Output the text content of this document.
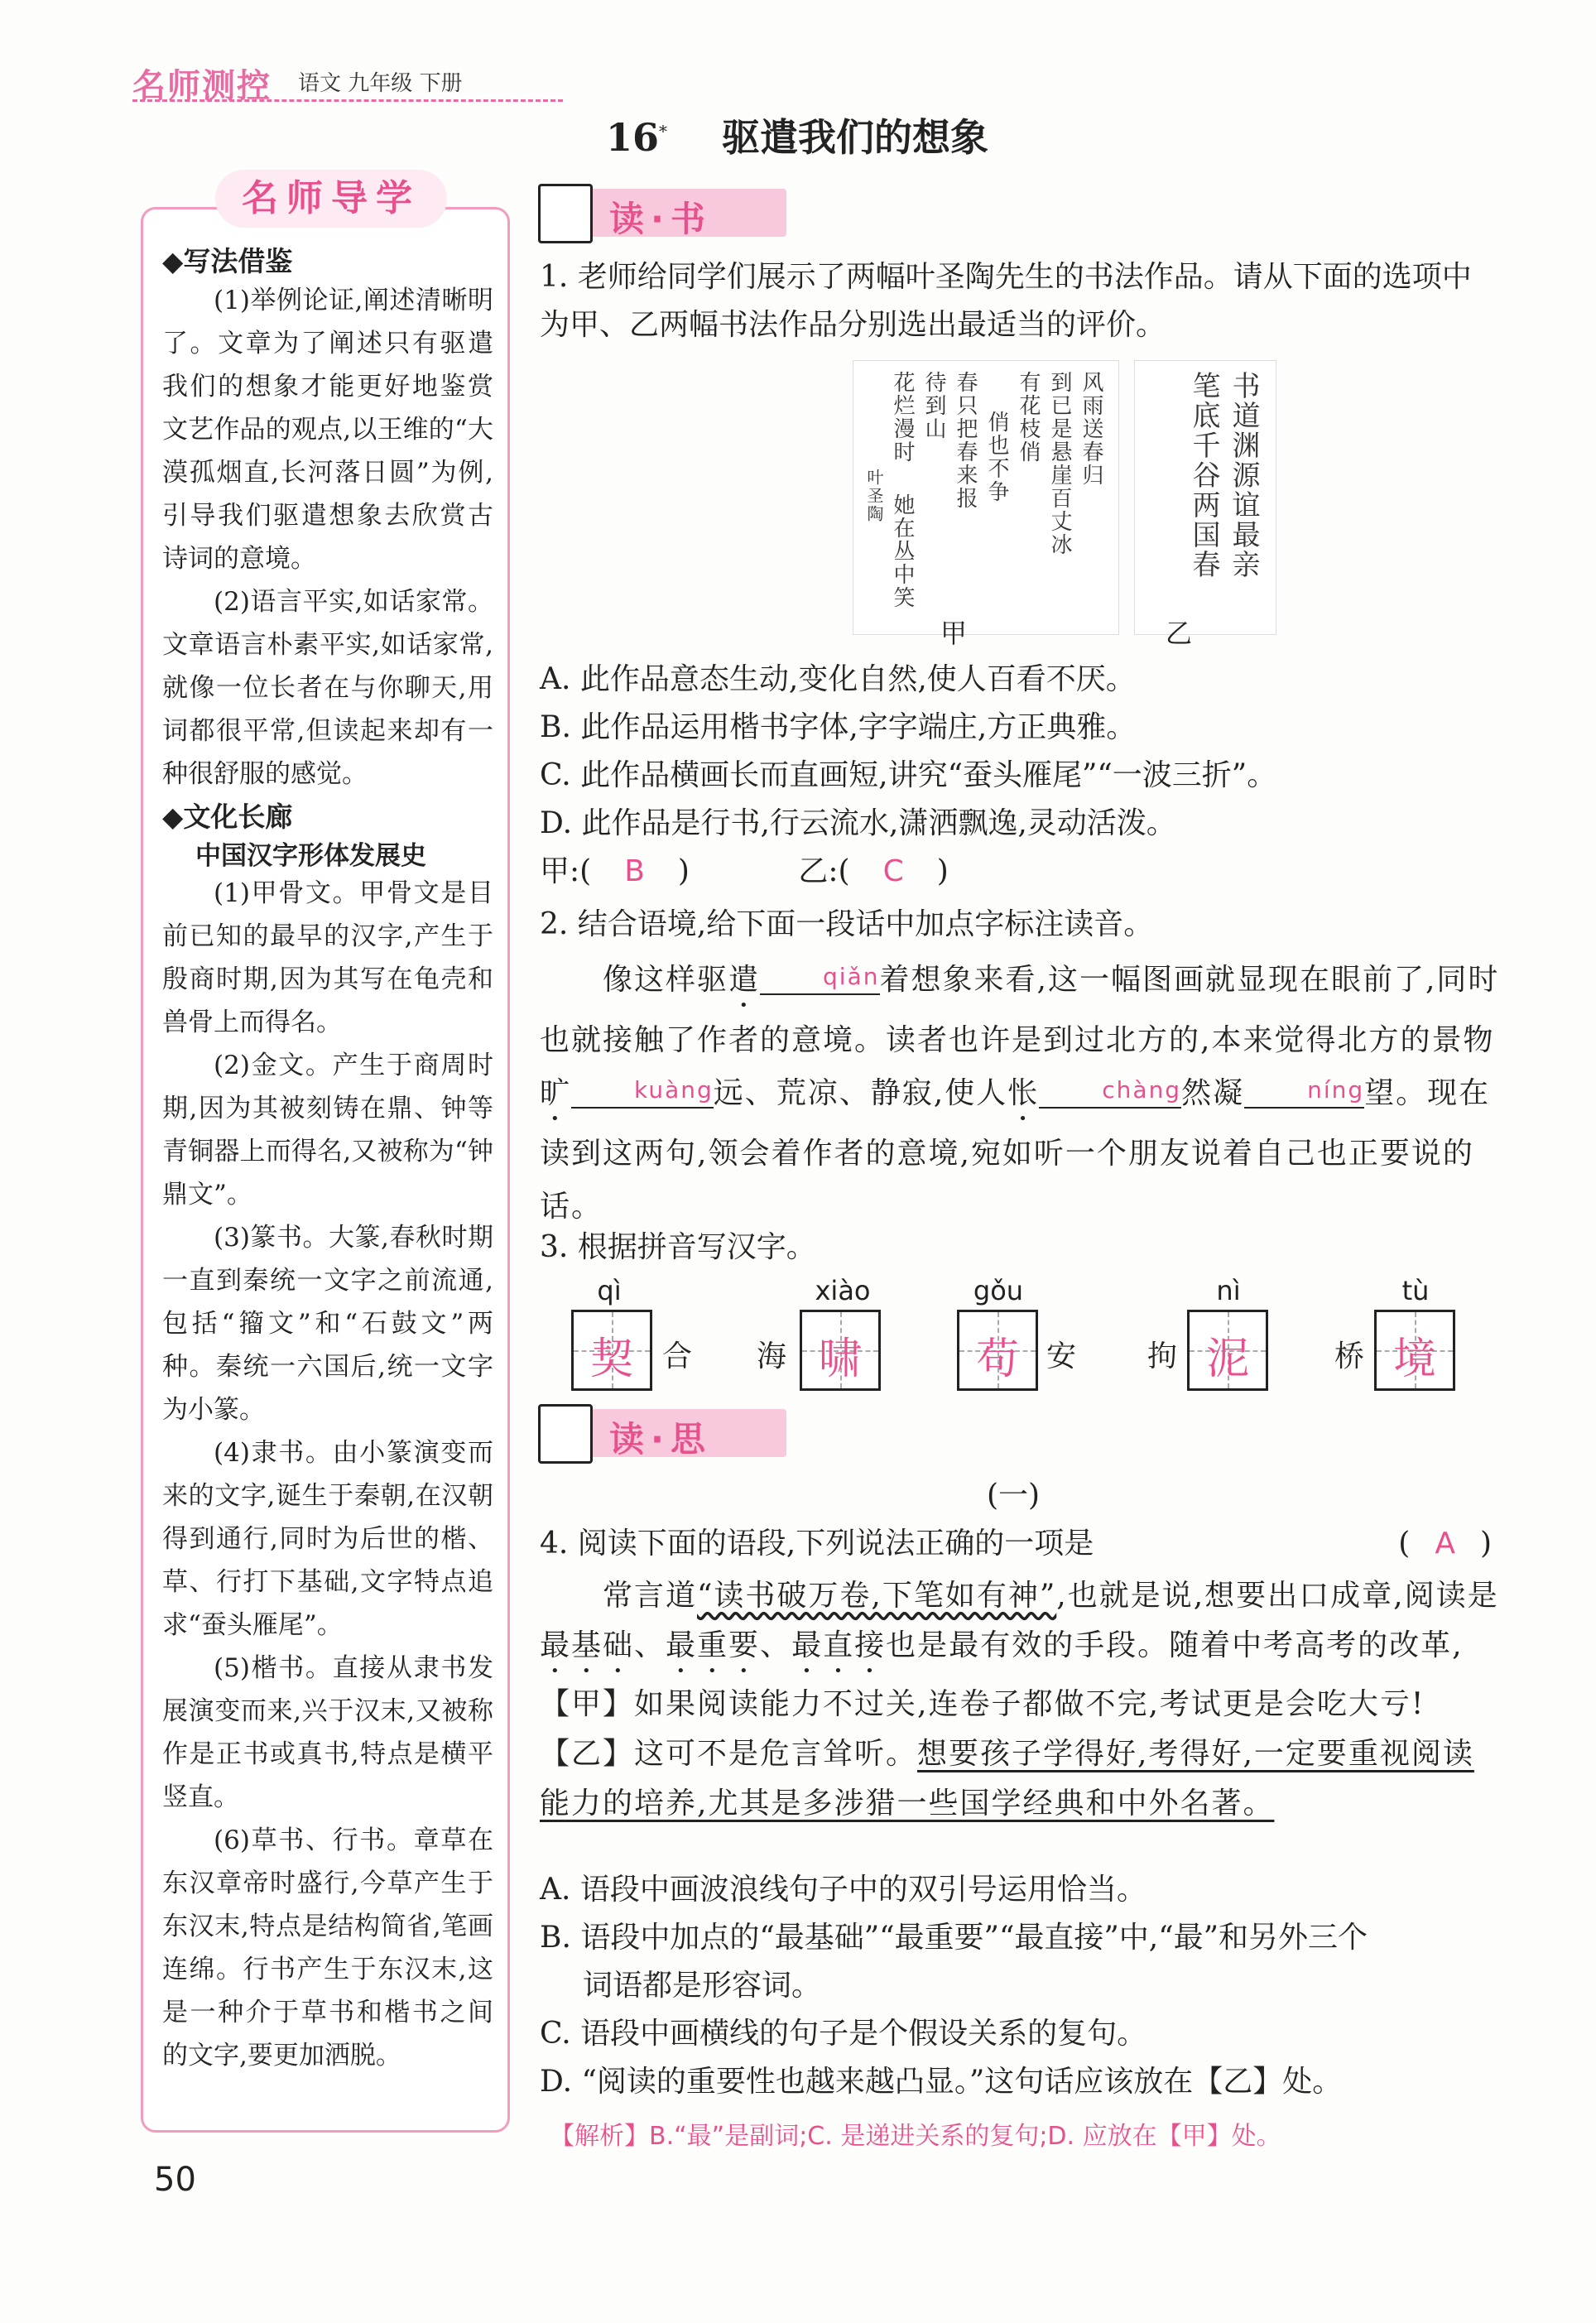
名师测控 语文 九年级 下册
16* 驱遣我们的想象
名师导学
◆写法借鉴
(1)举例论证,阐述清晰明了。文章为了阐述只有驱遣我们的想象才能更好地鉴赏文艺作品的观点,以王维的“大漠孤烟直,长河落日圆”为例,引导我们驱遣想象去欣赏古诗词的意境。
(2)语言平实,如话家常。文章语言朴素平实,如话家常,就像一位长者在与你聊天,用词都很平常,但读起来却有一种很舒服的感觉。
◆文化长廊
中国汉字形体发展史
(1)甲骨文。甲骨文是目前已知的最早的汉字,产生于殷商时期,因为其写在龟壳和兽骨上而得名。
(2)金文。产生于商周时期,因为其被刻铸在鼎、钟等青铜器上而得名,又被称为“钟鼎文”。
(3)篆书。大篆,春秋时期一直到秦统一文字之前流通,包括“籀文”和“石鼓文”两种。秦统一六国后,统一文字为小篆。
(4)隶书。由小篆演变而来的文字,诞生于秦朝,在汉朝得到通行,同时为后世的楷、草、行打下基础,文字特点追求“蚕头雁尾”。
(5)楷书。直接从隶书发展演变而来,兴于汉末,又被称作是正书或真书,特点是横平竖直。
(6)草书、行书。章草在东汉章帝时盛行,今草产生于东汉末,特点是结构简省,笔画连绵。行书产生于东汉末,这是一种介于草书和楷书之间的文字,要更加洒脱。
读·书
1. 老师给同学们展示了两幅叶圣陶先生的书法作品。请从下面的选项中为甲、乙两幅书法作品分别选出最适当的评价。
风雨送春归
到已是悬崖百丈冰
有花枝俏
俏也不争
春只把春来报
待到山
花烂漫时
她在丛中笑
叶圣陶	书道渊源谊最亲
笔底千谷两国春
甲	乙
A. 此作品意态生动,变化自然,使人百看不厌。
B. 此作品运用楷书字体,字字端庄,方正典雅。
C. 此作品横画长而直画短,讲究“蚕头雁尾”“一波三折”。
D. 此作品是行书,行云流水,潇洒飘逸,灵动活泼。
甲:( B )	乙:( C )
2. 结合语境,给下面一段话中加点字标注读音。
像这样驱遣	qiǎn着想象来看,这一幅图画就显现在眼前了,同时也就接触了作者的意境。读者也许是到过北方的,本来觉得北方的景物旷	kuàng远、荒凉、静寂,使人怅	chàng然凝	níng望。现在读到这两句,领会着作者的意境,宛如听一个朋友说着自己也正要说的话。
3. 根据拼音写汉字。
qì
契 合 海
xiào
啸
gǒu
苟 安 拘
nì
泥	桥
tù
境
读·思
(一)
4. 阅读下面的语段,下列说法正确的一项是	( A )
常言道“读书破万卷,下笔如有神”,也就是说,想要出口成章,阅读是最基础、最重要、最直接也是最有效的手段。随着中考高考的改革,【甲】如果阅读能力不过关,连卷子都做不完,考试更是会吃大亏!【乙】这可不是危言耸听。想要孩子学得好,考得好,一定要重视阅读能力的培养,尤其是多涉猎一些国学经典和中外名著。
A. 语段中画波浪线句子中的双引号运用恰当。
B. 语段中加点的“最基础”“最重要”“最直接”中,“最”和另外三个
词语都是形容词。
C. 语段中画横线的句子是个假设关系的复句。
D. “阅读的重要性也越来越凸显。”这句话应该放在【乙】处。
【解析】B.“最”是副词;C. 是递进关系的复句;D. 应放在【甲】处。
50
